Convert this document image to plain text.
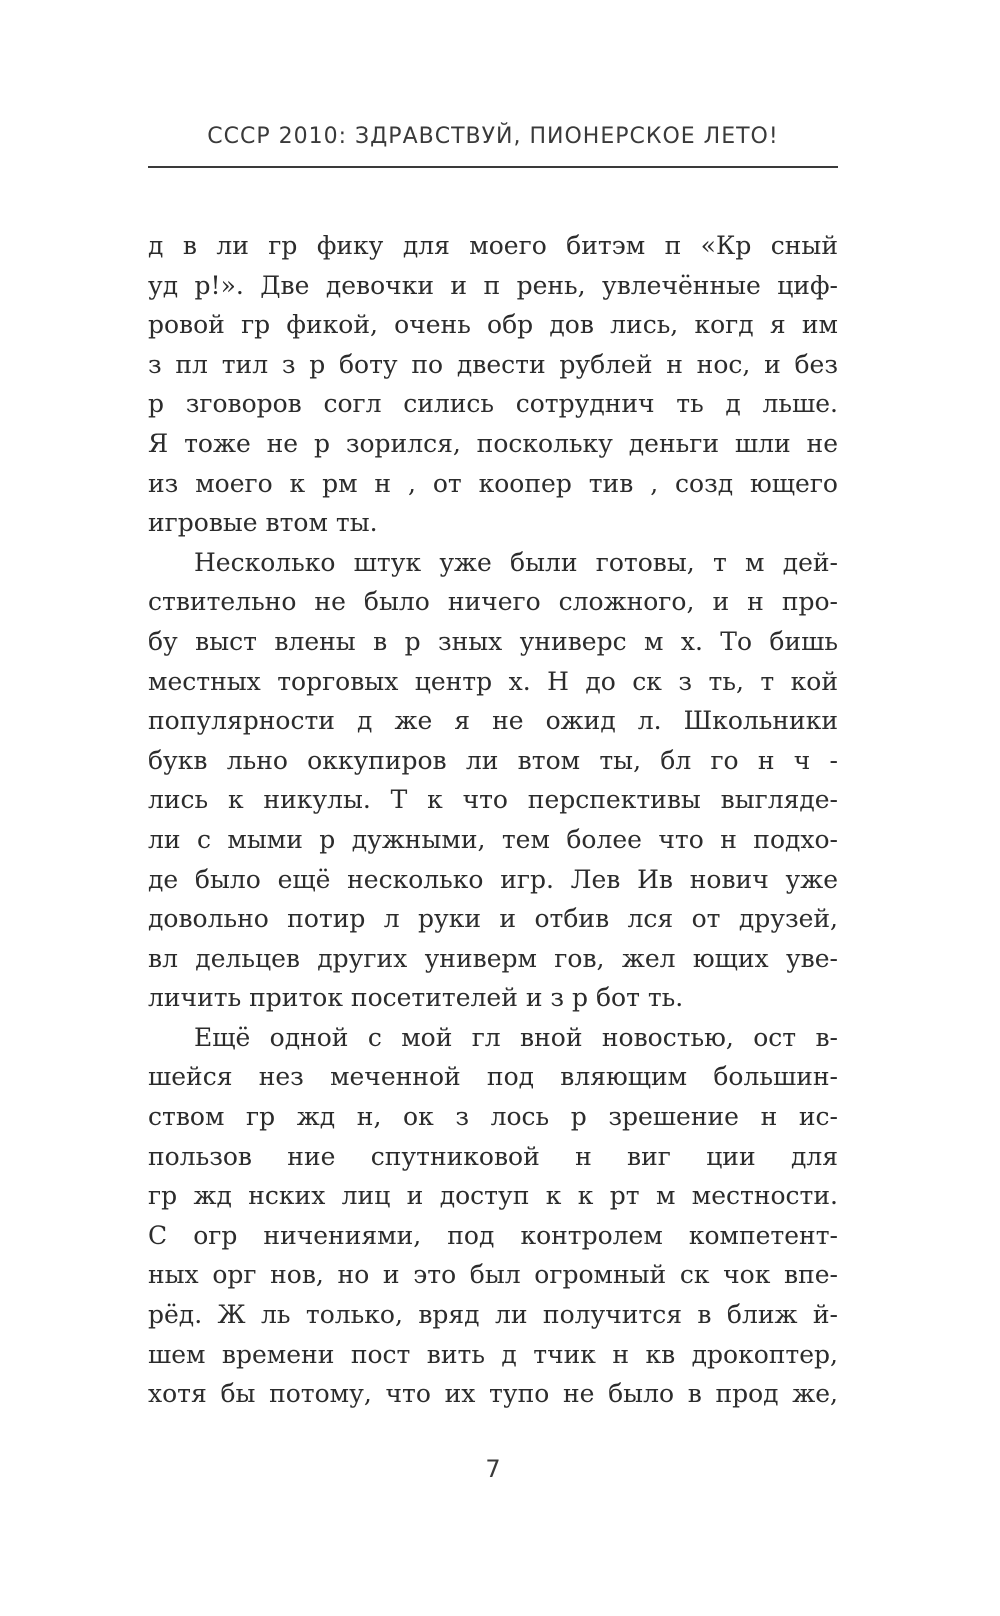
СССР 2010: ЗДРАВСТВУЙ, ПИОНЕРСКОЕ ЛЕТО!
д в ли гр фику для моего битэм п «Кр сный
уд р!». Две девочки и п рень, увлечённые циф-
ровой гр фикой, очень обр дов лись, когд я им
з пл тил з р боту по двести рублей н нос, и без
р зговоров согл сились сотруднич ть д льше.
Я тоже не р зорился, поскольку деньги шли не
из моего к рм н , от коопер тив , созд ющего
игровые втом ты.
Несколько штук уже были готовы, т м дей-
ствительно не было ничего сложного, и н про-
бу выст влены в р зных универс м х. То бишь
местных торговых центр х. Н до ск з ть, т кой
популярности д же я не ожид л. Школьники
букв льно оккупиров ли втом ты, бл го н ч -
лись к никулы. Т к что перспективы выгляде-
ли с мыми р дужными, тем более что н подхо-
де было ещё несколько игр. Лев Ив нович уже
довольно потир л руки и отбив лся от друзей,
вл дельцев других универм гов, жел ющих уве-
личить приток посетителей и з р бот ть.
Ещё одной с мой гл вной новостью, ост в-
шейся нез меченной под вляющим большин-
ством гр жд н, ок з лось р зрешение н ис-
пользов ние спутниковой н виг ции для
гр жд нских лиц и доступ к к рт м местности.
С огр ничениями, под контролем компетент-
ных орг нов, но и это был огромный ск чок впе-
рёд. Ж ль только, вряд ли получится в ближ й-
шем времени пост вить д тчик н кв дрокоптер,
хотя бы потому, что их тупо не было в прод же,
7
